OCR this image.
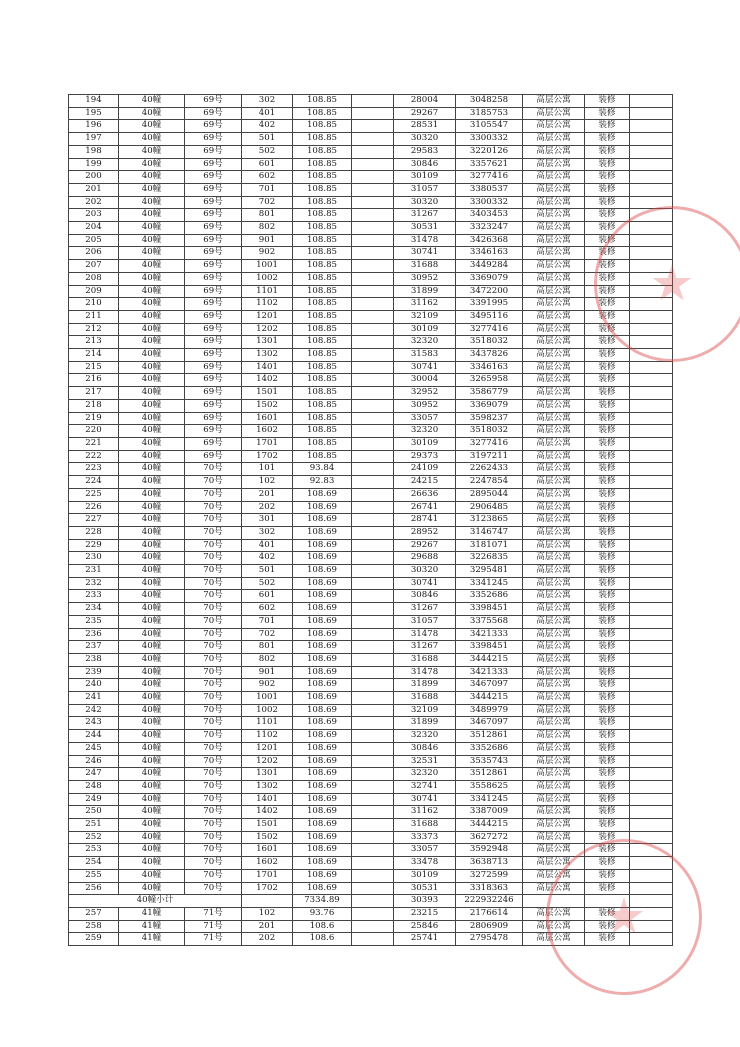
194	40幢	69号	302	108.85		28004	3048258	高层公寓	装修	
195	40幢	69号	401	108.85		29267	3185753	高层公寓	装修	
196	40幢	69号	402	108.85		28531	3105547	高层公寓	装修	
197	40幢	69号	501	108.85		30320	3300332	高层公寓	装修	
198	40幢	69号	502	108.85		29583	3220126	高层公寓	装修	
199	40幢	69号	601	108.85		30846	3357621	高层公寓	装修	
200	40幢	69号	602	108.85		30109	3277416	高层公寓	装修	
201	40幢	69号	701	108.85		31057	3380537	高层公寓	装修	
202	40幢	69号	702	108.85		30320	3300332	高层公寓	装修	
203	40幢	69号	801	108.85		31267	3403453	高层公寓	装修	
204	40幢	69号	802	108.85		30531	3323247	高层公寓	装修	
205	40幢	69号	901	108.85		31478	3426368	高层公寓	装修	
206	40幢	69号	902	108.85		30741	3346163	高层公寓	装修	
207	40幢	69号	1001	108.85		31688	3449284	高层公寓	装修	
208	40幢	69号	1002	108.85		30952	3369079	高层公寓	装修	
209	40幢	69号	1101	108.85		31899	3472200	高层公寓	装修	
210	40幢	69号	1102	108.85		31162	3391995	高层公寓	装修	
211	40幢	69号	1201	108.85		32109	3495116	高层公寓	装修	
212	40幢	69号	1202	108.85		30109	3277416	高层公寓	装修	
213	40幢	69号	1301	108.85		32320	3518032	高层公寓	装修	
214	40幢	69号	1302	108.85		31583	3437826	高层公寓	装修	
215	40幢	69号	1401	108.85		30741	3346163	高层公寓	装修	
216	40幢	69号	1402	108.85		30004	3265958	高层公寓	装修	
217	40幢	69号	1501	108.85		32952	3586779	高层公寓	装修	
218	40幢	69号	1502	108.85		30952	3369079	高层公寓	装修	
219	40幢	69号	1601	108.85		33057	3598237	高层公寓	装修	
220	40幢	69号	1602	108.85		32320	3518032	高层公寓	装修	
221	40幢	69号	1701	108.85		30109	3277416	高层公寓	装修	
222	40幢	69号	1702	108.85		29373	3197211	高层公寓	装修	
223	40幢	70号	101	93.84		24109	2262433	高层公寓	装修	
224	40幢	70号	102	92.83		24215	2247854	高层公寓	装修	
225	40幢	70号	201	108.69		26636	2895044	高层公寓	装修	
226	40幢	70号	202	108.69		26741	2906485	高层公寓	装修	
227	40幢	70号	301	108.69		28741	3123865	高层公寓	装修	
228	40幢	70号	302	108.69		28952	3146747	高层公寓	装修	
229	40幢	70号	401	108.69		29267	3181071	高层公寓	装修	
230	40幢	70号	402	108.69		29688	3226835	高层公寓	装修	
231	40幢	70号	501	108.69		30320	3295481	高层公寓	装修	
232	40幢	70号	502	108.69		30741	3341245	高层公寓	装修	
233	40幢	70号	601	108.69		30846	3352686	高层公寓	装修	
234	40幢	70号	602	108.69		31267	3398451	高层公寓	装修	
235	40幢	70号	701	108.69		31057	3375568	高层公寓	装修	
236	40幢	70号	702	108.69		31478	3421333	高层公寓	装修	
237	40幢	70号	801	108.69		31267	3398451	高层公寓	装修	
238	40幢	70号	802	108.69		31688	3444215	高层公寓	装修	
239	40幢	70号	901	108.69		31478	3421333	高层公寓	装修	
240	40幢	70号	902	108.69		31899	3467097	高层公寓	装修	
241	40幢	70号	1001	108.69		31688	3444215	高层公寓	装修	
242	40幢	70号	1002	108.69		32109	3489979	高层公寓	装修	
243	40幢	70号	1101	108.69		31899	3467097	高层公寓	装修	
244	40幢	70号	1102	108.69		32320	3512861	高层公寓	装修	
245	40幢	70号	1201	108.69		30846	3352686	高层公寓	装修	
246	40幢	70号	1202	108.69		32531	3535743	高层公寓	装修	
247	40幢	70号	1301	108.69		32320	3512861	高层公寓	装修	
248	40幢	70号	1302	108.69		32741	3558625	高层公寓	装修	
249	40幢	70号	1401	108.69		30741	3341245	高层公寓	装修	
250	40幢	70号	1402	108.69		31162	3387009	高层公寓	装修	
251	40幢	70号	1501	108.69		31688	3444215	高层公寓	装修	
252	40幢	70号	1502	108.69		33373	3627272	高层公寓	装修	
253	40幢	70号	1601	108.69		33057	3592948	高层公寓	装修	
254	40幢	70号	1602	108.69		33478	3638713	高层公寓	装修	
255	40幢	70号	1701	108.69		30109	3272599	高层公寓	装修	
256	40幢	70号	1702	108.69		30531	3318363	高层公寓	装修	
40幢小计				7334.89		30393	222932246			
257	41幢	71号	102	93.76		23215	2176614	高层公寓	装修	
258	41幢	71号	201	108.6		25846	2806909	高层公寓	装修	
259	41幢	71号	202	108.6		25741	2795478	高层公寓	装修	
